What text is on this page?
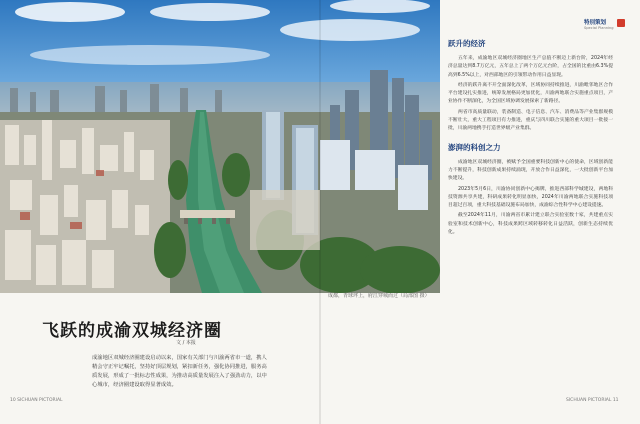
成都，青球坪上，府江穿城而过（局部图 摄）
飞跃的成渝双城经济圈
文 / 本报
成渝地区双城经济圈建设启动以来，国家有关部门与川渝两省市一道，携人精会守正牢记嘱托，坚持好顶层规划，紧扣新任务，强化协同推进，服务高质发展，形成了一批标志性成果，为推动高质量发展注入了强劲动力，以中心城市，经济圈建设取得显著成效。
10 SICHUAN PICTORIAL
特别策划
Special Planning
跃升的经济

五年来，成渝地区双城经济圈地区生产总值不断迈上新台阶，2024年经济总量达到8.7万亿元，五年总上了两个万亿元台阶，占全国的比重由6.3%提高到6.5%以上，对西部地区的引领带动作用日益显现。

经济的跃升离不开全面深化改革，区域协同持续推进，川渝毗邻地区合作平台建设扎实推进，统筹发展格局更加优化，川渝两地联合实施重点项目，产业协作不断深化，为全国区域协调发展探索了新路径。

两省市高质量联动，装备制造、电子信息、汽车、消费品等产业集群规模不断壮大，重大工程项目有力推进，重庆与四川联合实施的重大项目一批接一批，川渝两地携手打造世界级产业集群。

澎湃的科创之力

成渝地区双城经济圈，被赋予全国重要科技创新中心的使命，区域创新能力不断提升，科技创新成果持续涌现，开放合作日益深化，一大批创新平台加快建设。

2023年5月6日，川渝协同创新中心揭牌，推进西部科学城建设，两地科技资源共享共建，科研成果转化明显加快，2024年川渝两地联合实施科技项目超过百项，重大科技基础设施布局加快，成渝综合性科学中心建设提速。

截至2024年11月，川渝两省市累计建立联合实验室数十家，共建重点实验室和技术创新中心，科技成果跨区域转移转化日益活跃，创新生态持续优化。

SICHUAN PICTORIAL 11
